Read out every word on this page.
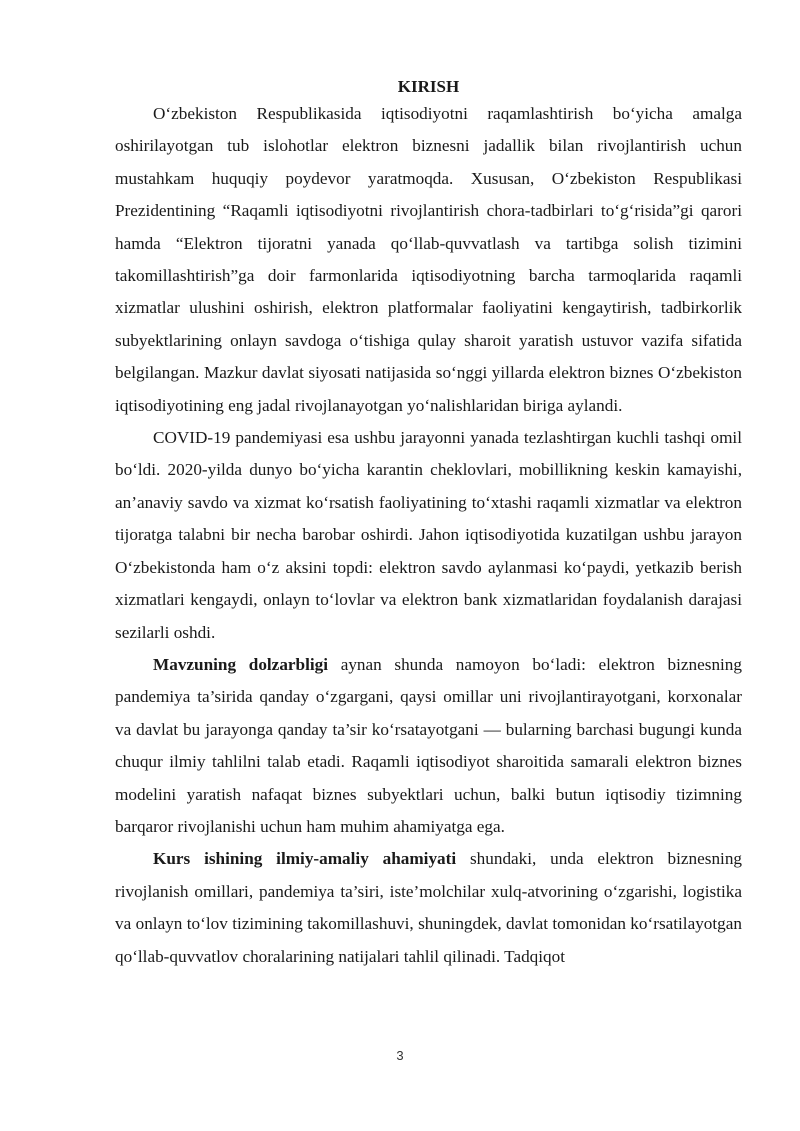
KIRISH

O‘zbekiston Respublikasida iqtisodiyotni raqamlashtirish bo‘yicha amalga oshirilayotgan tub islohotlar elektron biznesni jadallik bilan rivojlantirish uchun mustahkam huquqiy poydevor yaratmoqda. Xususan, O‘zbekiston Respublikasi Prezidentining “Raqamli iqtisodiyotni rivojlantirish chora-tadbirlari to‘g‘risida”gi qarori hamda “Elektron tijoratni yanada qo‘llab-quvvatlash va tartibga solish tizimini takomillashtirish”ga doir farmonlarida iqtisodiyotning barcha tarmoqlarida raqamli xizmatlar ulushini oshirish, elektron platformalar faoliyatini kengaytirish, tadbirkorlik subyektlarining onlayn savdoga o‘tishiga qulay sharoit yaratish ustuvor vazifa sifatida belgilangan. Mazkur davlat siyosati natijasida so‘nggi yillarda elektron biznes O‘zbekiston iqtisodiyotining eng jadal rivojlanayotgan yo‘nalishlaridan biriga aylandi.

COVID-19 pandemiyasi esa ushbu jarayonni yanada tezlashtirgan kuchli tashqi omil bo‘ldi. 2020-yilda dunyo bo‘yicha karantin cheklovlari, mobillikning keskin kamayishi, an’anaviy savdo va xizmat ko‘rsatish faoliyatining to‘xtashi raqamli xizmatlar va elektron tijoratga talabni bir necha barobar oshirdi. Jahon iqtisodiyotida kuzatilgan ushbu jarayon O‘zbekistonda ham o‘z aksini topdi: elektron savdo aylanmasi ko‘paydi, yetkazib berish xizmatlari kengaydi, onlayn to‘lovlar va elektron bank xizmatlaridan foydalanish darajasi sezilarli oshdi.

Mavzuning dolzarbligi aynan shunda namoyon bo‘ladi: elektron biznesning pandemiya ta’sirida qanday o‘zgargani, qaysi omillar uni rivojlantirayotgani, korxonalar va davlat bu jarayonga qanday ta’sir ko‘rsatayotgani — bularning barchasi bugungi kunda chuqur ilmiy tahlilni talab etadi. Raqamli iqtisodiyot sharoitida samarali elektron biznes modelini yaratish nafaqat biznes subyektlari uchun, balki butun iqtisodiy tizimning barqaror rivojlanishi uchun ham muhim ahamiyatga ega.

Kurs ishining ilmiy-amaliy ahamiyati shundaki, unda elektron biznesning rivojlanish omillari, pandemiya ta’siri, iste’molchilar xulq-atvorining o‘zgarishi, logistika va onlayn to‘lov tizimining takomillashuvi, shuningdek, davlat tomonidan ko‘rsatilayotgan qo‘llab-quvvatlov choralarining natijalari tahlil qilinadi. Tadqiqot

3
